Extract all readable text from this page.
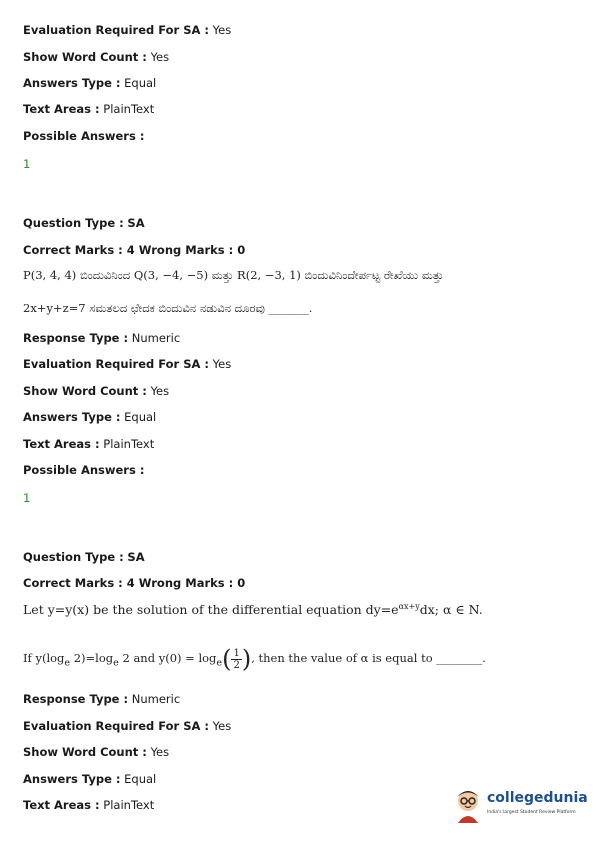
Evaluation Required For SA : Yes
Show Word Count : Yes
Answers Type : Equal
Text Areas : PlainText
Possible Answers :
1
Question Type : SA
Correct Marks : 4 Wrong Marks : 0
P(3, 4, 4) ಬಿಂದುವಿನಿಂದ Q(3, −4, −5) ಮತ್ತು R(2, −3, 1) ಬಿಂದುವಿನಿಂದೇರ್ಪಟ್ಟ ರೇಖೆಯು ಮತ್ತು
2x+y+z=7 ಸಮತಲದ ಛೇದಕ ಬಿಂದುವಿನ ನಡುವಿನ ದೂರವು _______.
Response Type : Numeric
Evaluation Required For SA : Yes
Show Word Count : Yes
Answers Type : Equal
Text Areas : PlainText
Possible Answers :
1
Question Type : SA
Correct Marks : 4 Wrong Marks : 0
Let y=y(x) be the solution of the differential equation $dy=e^{\alpha x+y}dx$; α ∈ N.
If $y(\log_e$ $2)=\log_e$ 2 and $y(0) = \log_e( \frac{1}{2}$ ), then the value of α is equal to ________.
Response Type : Numeric
Evaluation Required For SA : Yes
Show Word Count : Yes
Answers Type : Equal
Text Areas : PlainText	collegedunia
India's largest Student Review Platform
